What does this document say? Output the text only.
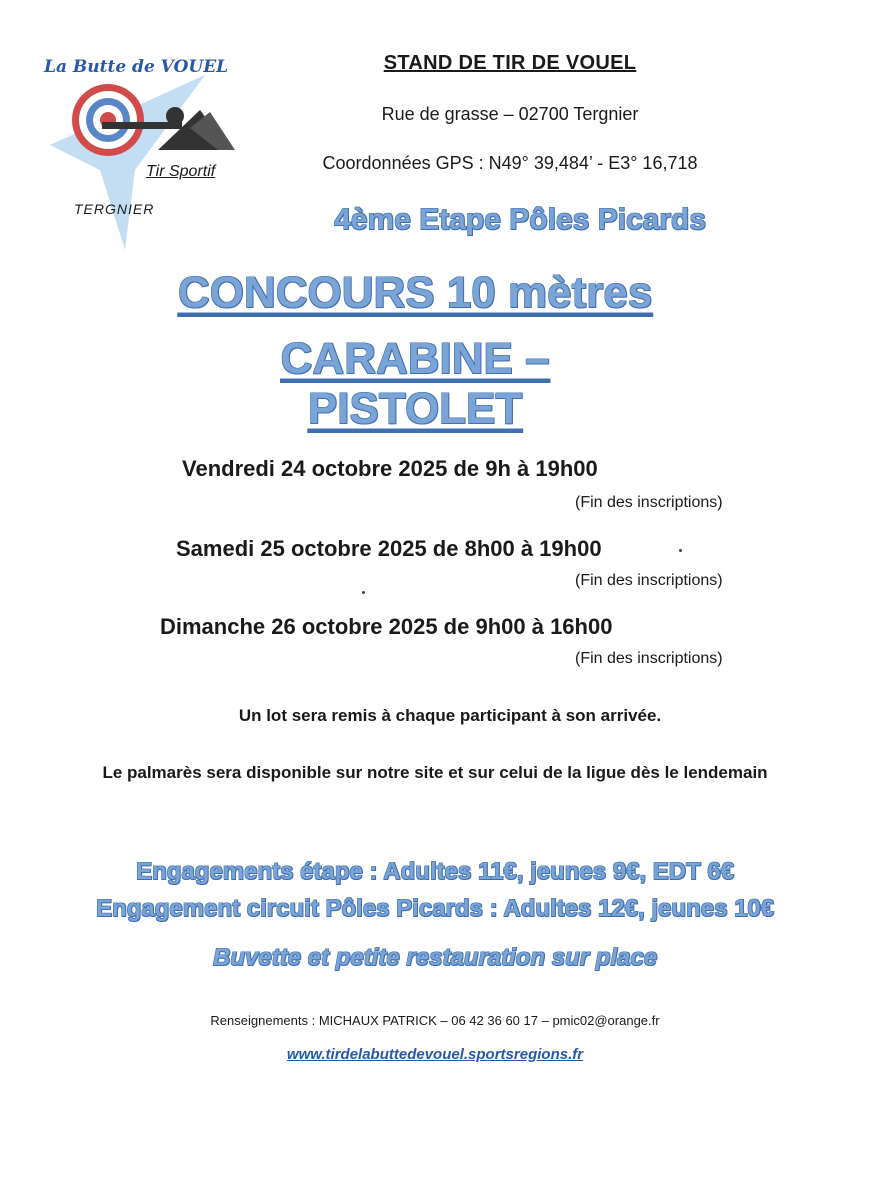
La Butte de VOUEL
Tir Sportif
TERGNIER
STAND DE TIR DE VOUEL
Rue de grasse – 02700 Tergnier
Coordonnées GPS : N49° 39,484’ - E3° 16,718
4ème Etape Pôles Picards
CONCOURS 10 mètres
CARABINE – PISTOLET
Vendredi 24 octobre 2025 de 9h à 19h00
(Fin des inscriptions)
Samedi 25 octobre 2025 de 8h00 à 19h00
(Fin des inscriptions)
Dimanche 26 octobre 2025 de 9h00 à 16h00
(Fin des inscriptions)
Un lot sera remis à chaque participant à son arrivée.
Le palmarès sera disponible sur notre site et sur celui de la ligue dès le lendemain
Engagements étape : Adultes 11€, jeunes 9€, EDT 6€
Engagement circuit Pôles Picards : Adultes 12€, jeunes 10€
Buvette et petite restauration sur place
Renseignements : MICHAUX PATRICK – 06 42 36 60 17 – pmic02@orange.fr
www.tirdelabuttedevouel.sportsregions.fr
